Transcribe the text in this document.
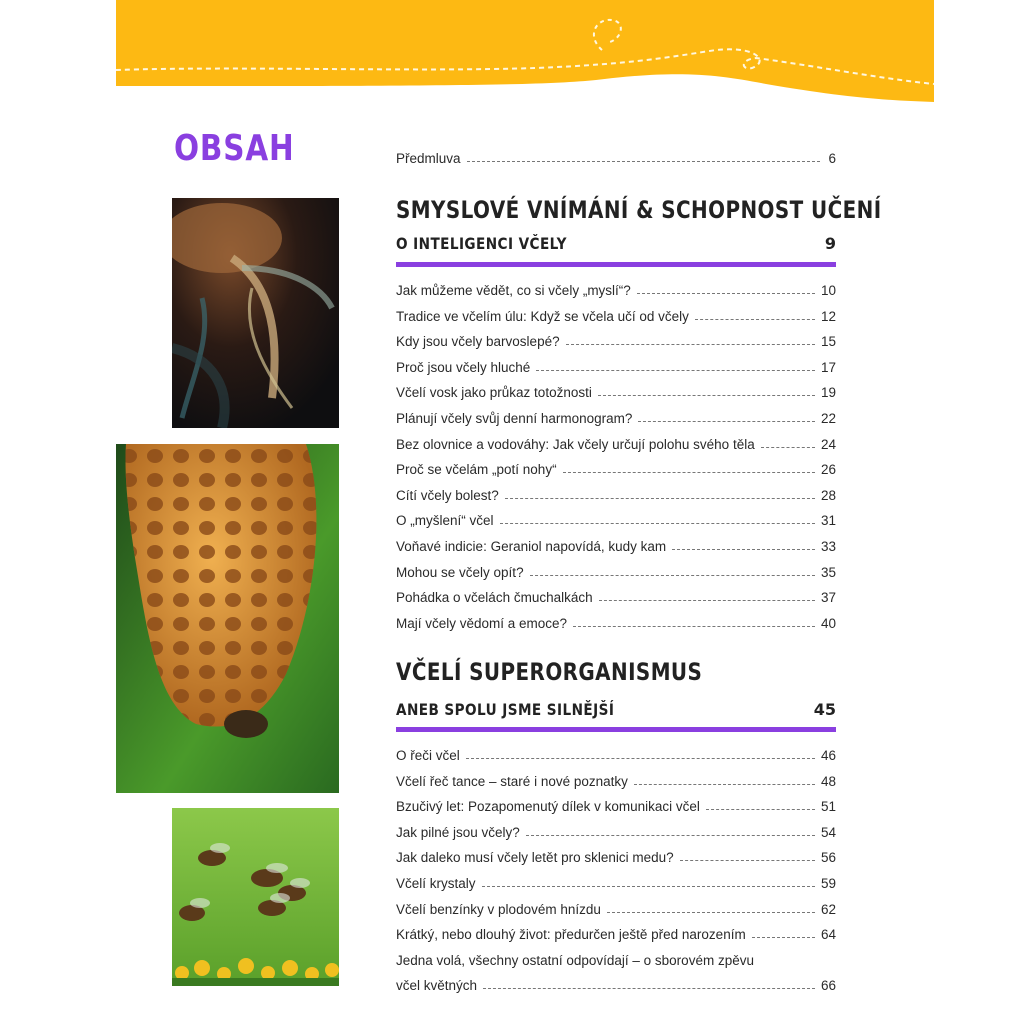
OBSAH	Předmluva	6
SMYSLOVÉ VNÍMÁNÍ & SCHOPNOST UČENÍ
O INTELIGENCI VČELY	9
Jak můžeme vědět, co si včely „myslí“?	10
Tradice ve včelím úlu: Když se včela učí od včely	12
Kdy jsou včely barvoslepé?	15
Proč jsou včely hluché	17
Včelí vosk jako průkaz totožnosti	19
Plánují včely svůj denní harmonogram?	22
Bez olovnice a vodováhy: Jak včely určují polohu svého těla	24
Proč se včelám „potí nohy“	26
Cítí včely bolest?	28
O „myšlení“ včel	31
Voňavé indicie: Geraniol napovídá, kudy kam	33
Mohou se včely opít?	35
Pohádka o včelách čmuchalkách	37
Mají včely vědomí a emoce?	40
VČELÍ SUPERORGANISMUS
ANEB SPOLU JSME SILNĚJŠÍ	45
O řeči včel	46
Včelí řeč tance – staré i nové poznatky	48
Bzučivý let: Pozapomenutý dílek v komunikaci včel	51
Jak pilné jsou včely?	54
Jak daleko musí včely letět pro sklenici medu?	56
Včelí krystaly	59
Včelí benzínky v plodovém hnízdu	62
Krátký, nebo dlouhý život: předurčen ještě před narozením	64
Jedna volá, všechny ostatní odpovídají – o sborovém zpěvu
včel květných	66
